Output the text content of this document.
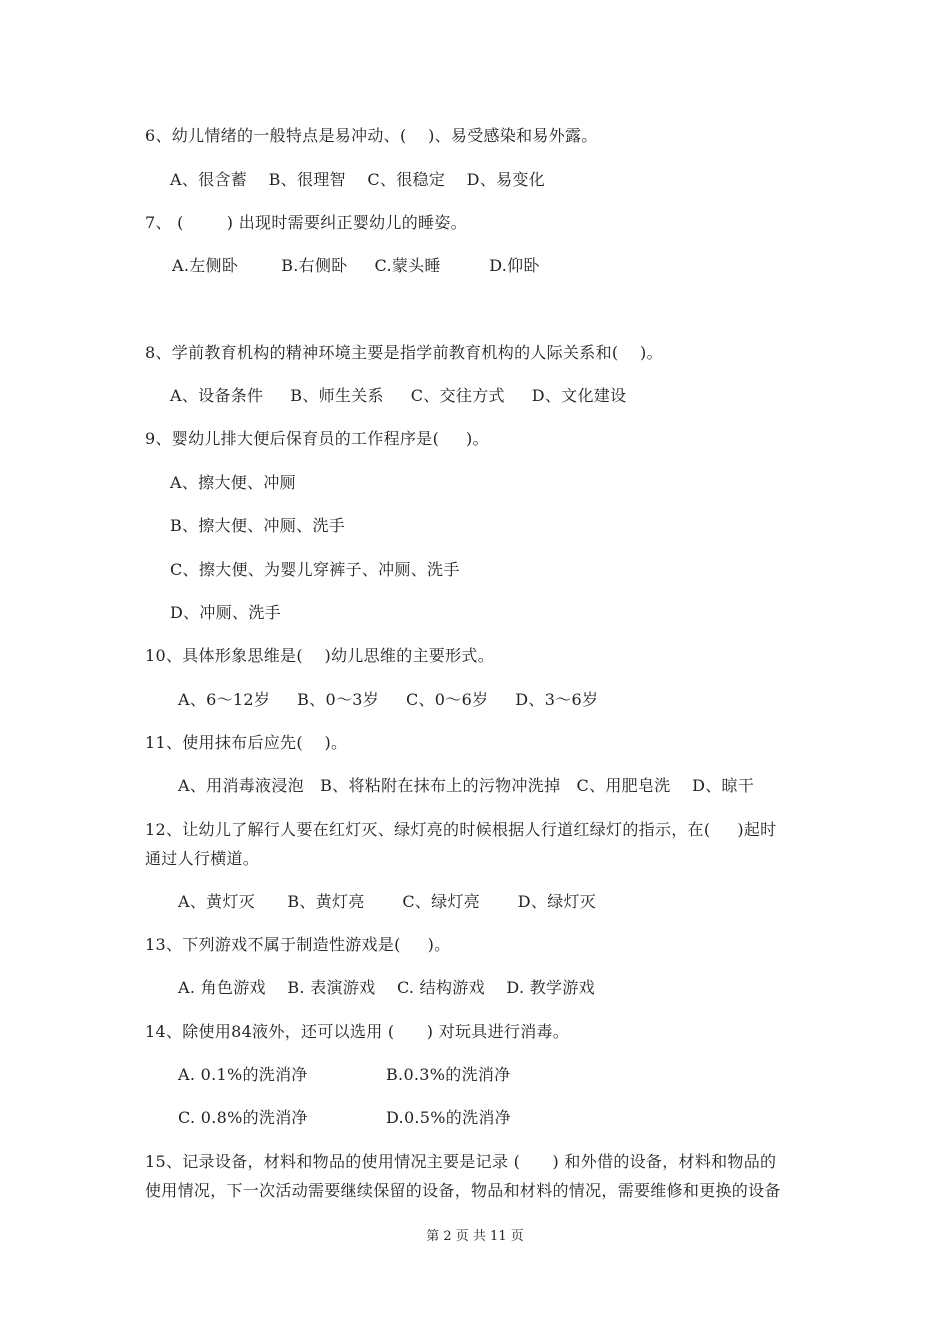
6、幼儿情绪的一般特点是易冲动、(    )、易受感染和易外露。
A、很含蓄    B、很理智    C、很稳定    D、易变化
7、 (        ) 出现时需要纠正婴幼儿的睡姿。
A.左侧卧        B.右侧卧     C.蒙头睡         D.仰卧
8、学前教育机构的精神环境主要是指学前教育机构的人际关系和(    )。
A、设备条件     B、师生关系     C、交往方式     D、文化建设
9、婴幼儿排大便后保育员的工作程序是(     )。
A、擦大便、冲厕
B、擦大便、冲厕、洗手
C、擦大便、为婴儿穿裤子、冲厕、洗手
D、冲厕、洗手
10、具体形象思维是(    )幼儿思维的主要形式。
A、6～12岁     B、0～3岁     C、0～6岁     D、3～6岁
11、使用抹布后应先(    )。
A、用消毒液浸泡   B、将粘附在抹布上的污物冲洗掉   C、用肥皂洗    D、晾干
12、让幼儿了解行人要在红灯灭、绿灯亮的时候根据人行道红绿灯的指示，在(     )起时
通过人行横道。
A、黄灯灭      B、黄灯亮       C、绿灯亮       D、绿灯灭
13、下列游戏不属于制造性游戏是(     )。
A. 角色游戏    B. 表演游戏    C. 结构游戏    D. 教学游戏
14、除使用84液外，还可以选用 (      ) 对玩具进行消毒。
A. 0.1%的洗消净	B.0.3%的洗消净
C. 0.8%的洗消净	D.0.5%的洗消净
15、记录设备，材料和物品的使用情况主要是记录 (      ) 和外借的设备，材料和物品的
使用情况，下一次活动需要继续保留的设备，物品和材料的情况，需要维修和更换的设备
第 2 页 共 11 页
